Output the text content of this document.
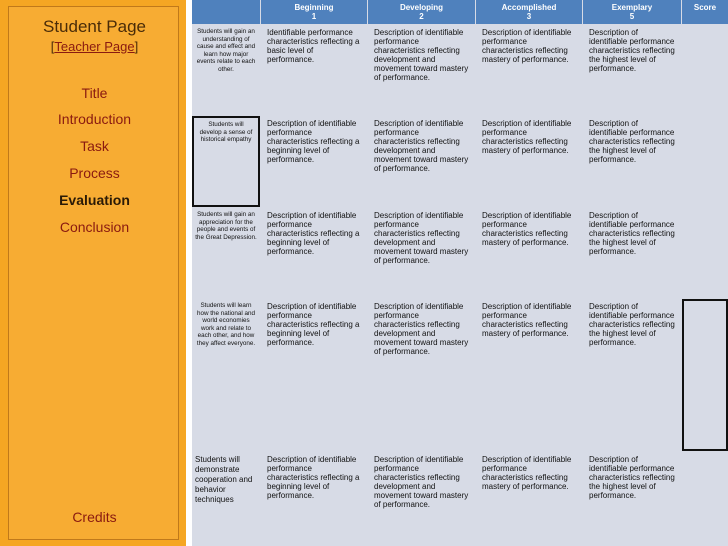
Student Page
[Teacher Page]
Title
Introduction
Task
Process
Evaluation
Conclusion
Credits
Beginning
1
Developing
2
Accomplished
3
Exemplary
5
Score
Students will gain an understanding of cause and effect and learn how major events relate to each other.
Identifiable performance characteristics reflecting a basic level of performance.
Description of identifiable performance characteristics reflecting development and movement toward mastery of performance.
Description of identifiable performance characteristics reflecting mastery of performance.
Description of identifiable performance characteristics reflecting the highest level of performance.
Students will develop a sense of historical empathy
Description of identifiable performance characteristics reflecting a beginning level of performance.
Description of identifiable performance characteristics reflecting development and movement toward mastery of performance.
Description of identifiable performance characteristics reflecting mastery of performance.
Description of identifiable performance characteristics reflecting the highest level of performance.
Students will gain an appreciation for the people and events of the Great Depression.
Description of identifiable performance characteristics reflecting a beginning level of performance.
Description of identifiable performance characteristics reflecting development and movement toward mastery of performance.
Description of identifiable performance characteristics reflecting mastery of performance.
Description of identifiable performance characteristics reflecting the highest level of performance.
Students will learn how the national and world economies work and relate to each other, and how they affect everyone.
Description of identifiable performance characteristics reflecting a beginning level of performance.
Description of identifiable performance characteristics reflecting development and movement toward mastery of performance.
Description of identifiable performance characteristics reflecting mastery of performance.
Description of identifiable performance characteristics reflecting the highest level of performance.
Students will demonstrate cooperation and behavior techniques
Description of identifiable performance characteristics reflecting a beginning level of performance.
Description of identifiable performance characteristics reflecting development and movement toward mastery of performance.
Description of identifiable performance characteristics reflecting mastery of performance.
Description of identifiable performance characteristics reflecting the highest level of performance.
